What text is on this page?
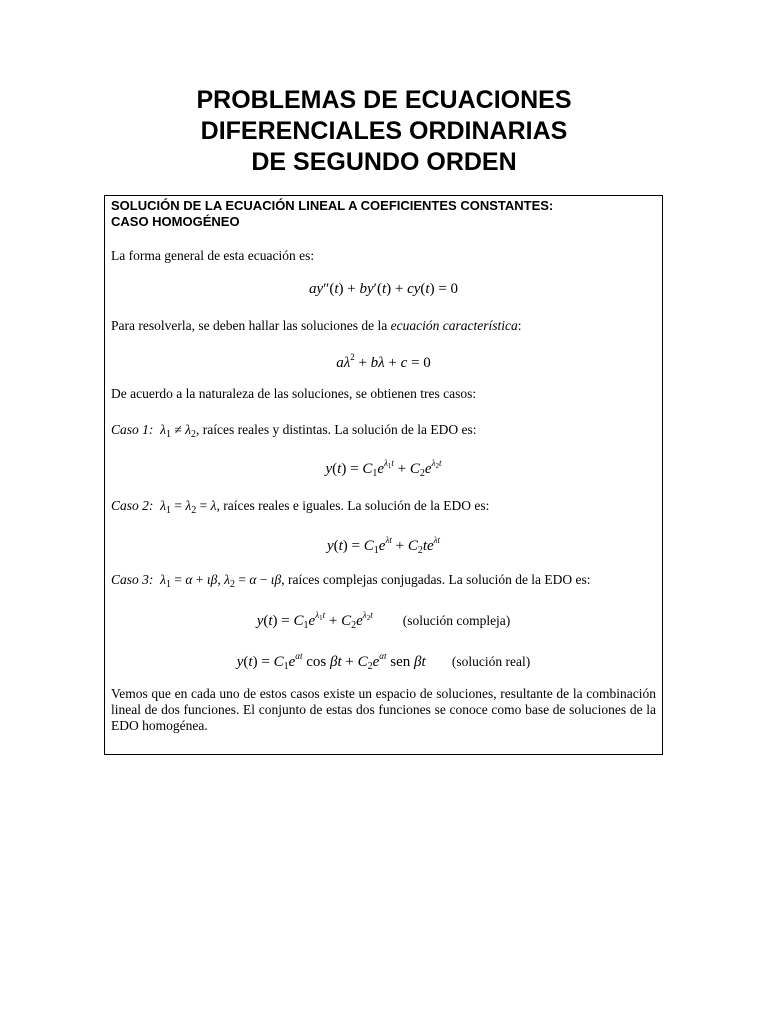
PROBLEMAS DE ECUACIONES
DIFERENCIALES ORDINARIAS
DE SEGUNDO ORDEN
SOLUCIÓN DE LA ECUACIÓN LINEAL A COEFICIENTES CONSTANTES:
CASO HOMOGÉNEO
La forma general de esta ecuación es:
ay″(t) + by′(t) + cy(t) = 0
Para resolverla, se deben hallar las soluciones de la ecuación característica:
$a\lambda^2 + b\lambda + c = 0$
De acuerdo a la naturaleza de las soluciones, se obtienen tres casos:
Caso 1: $\lambda_1 \ne \lambda_2$, raíces reales y distintas. La solución de la EDO es:
$y(t) = C_1e^{\lambda_1t} + C_2e^{\lambda_2t}$
Caso 2: $\lambda_1 = \lambda_2 = \lambda$, raíces reales e iguales. La solución de la EDO es:
$y(t) = C_1e^{\lambda t} + C_2te^{\lambda t}$
Caso 3: $\lambda_1 = \alpha + \iota\beta$, $\lambda_2 = \alpha - \iota\beta$, raíces complejas conjugadas. La solución de la EDO es:
$y(t) = C_1e^{\lambda_1t} + C_2e^{\lambda_2t}$ (solución compleja)
$y(t) = C_1e^{\alpha t}$ $\cos \beta t + C_2e^{\alpha t}$ sen βt (solución real)
Vemos que en cada uno de estos casos existe un espacio de soluciones, resultante de la combinación lineal de dos funciones. El conjunto de estas dos funciones se conoce como base de soluciones de la EDO homogénea.
